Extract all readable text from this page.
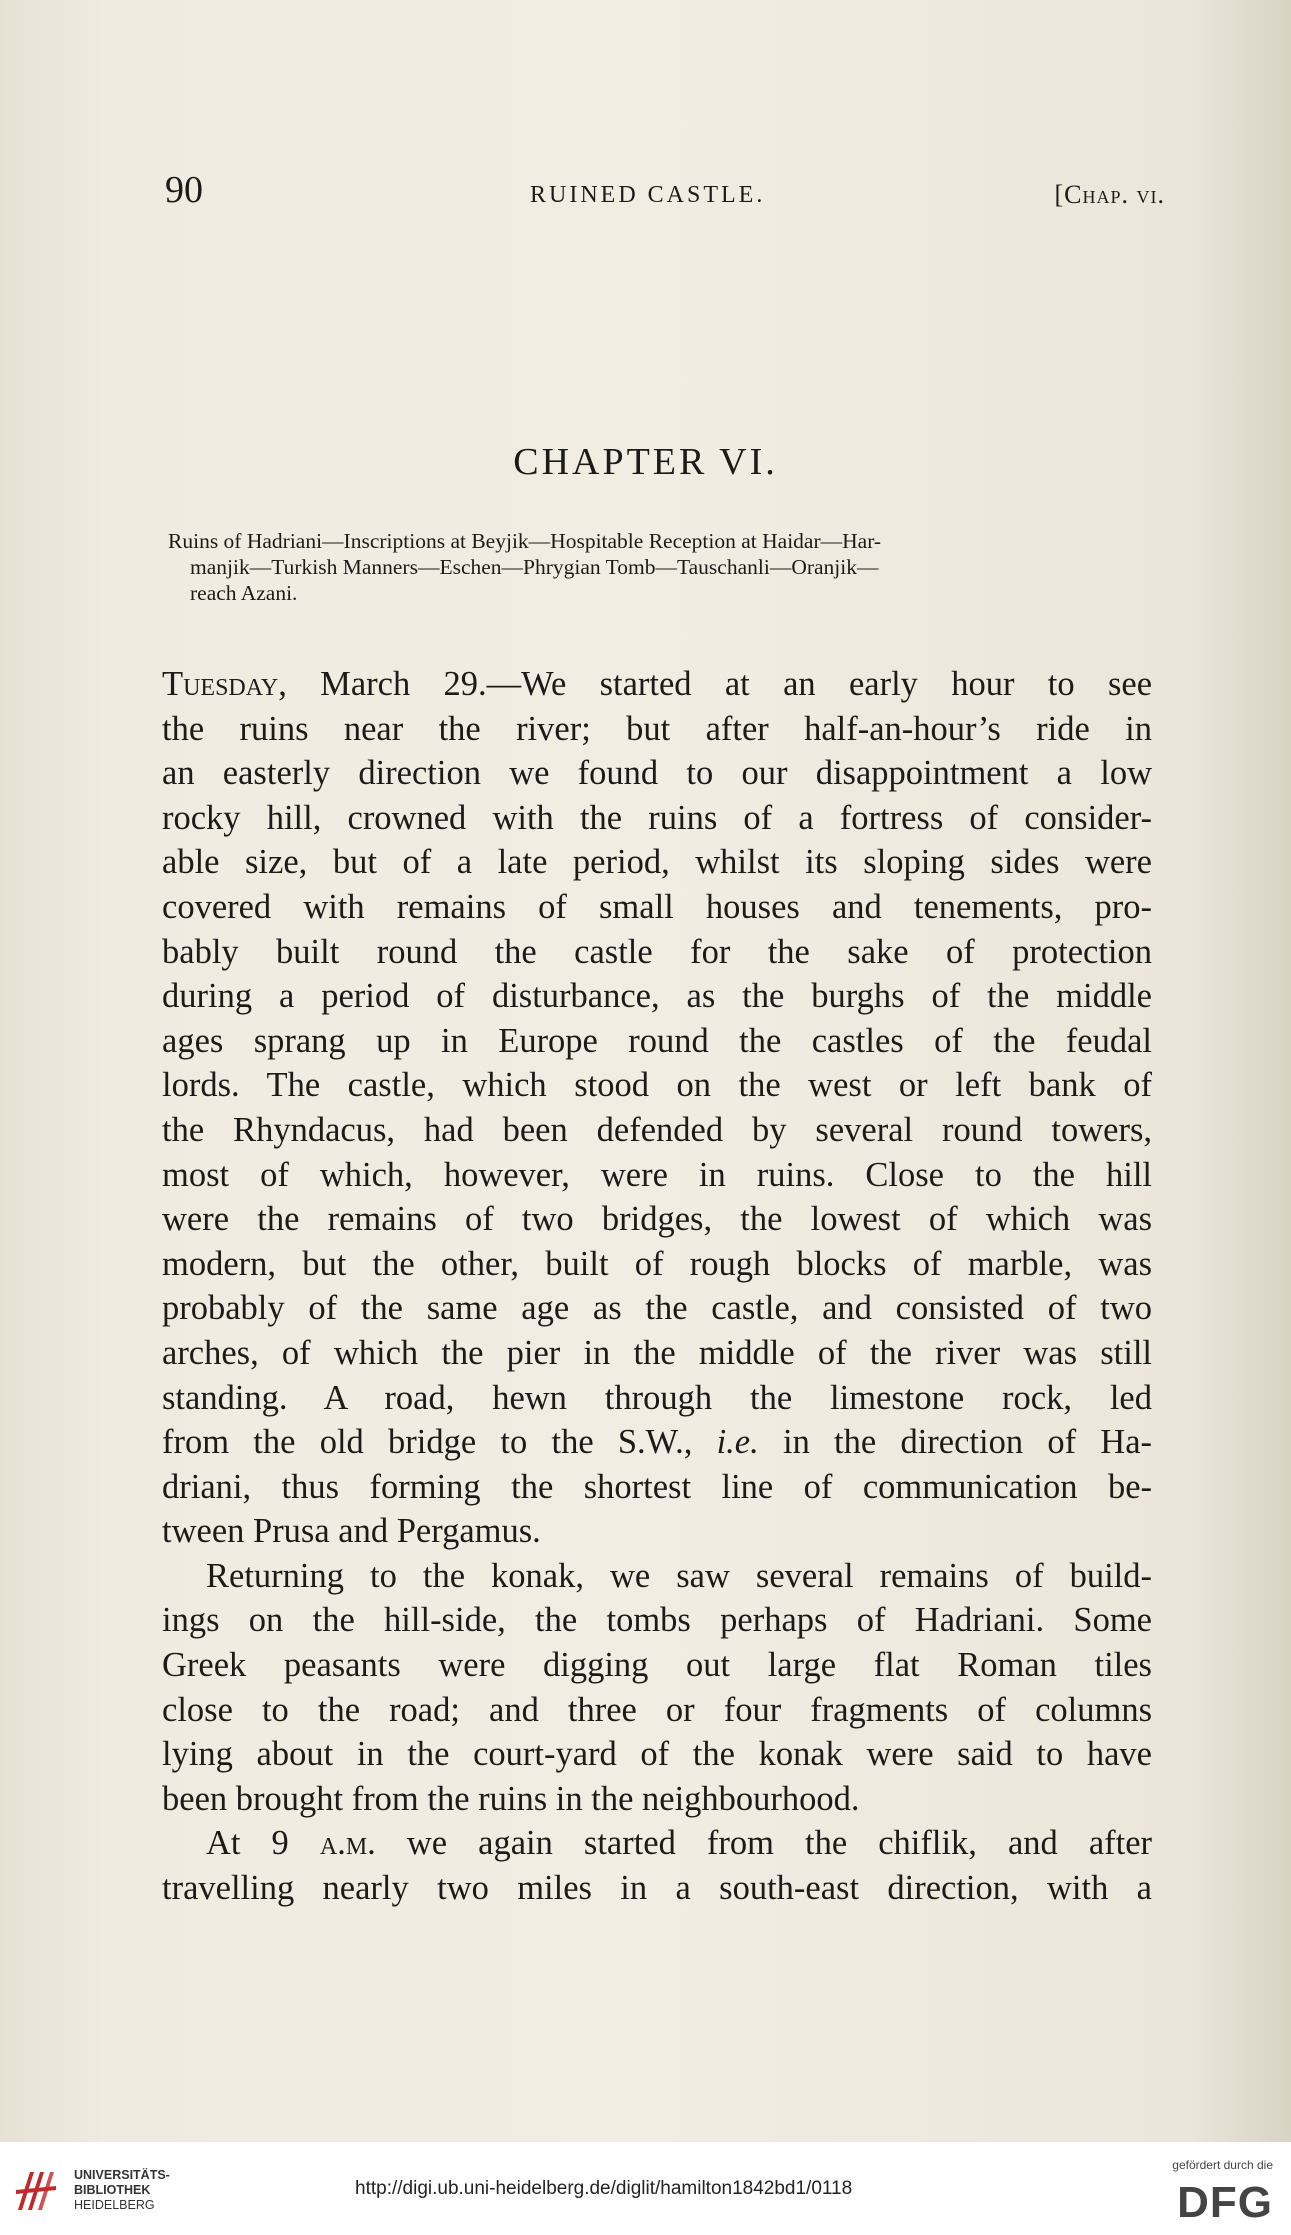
90	RUINED CASTLE.	[Chap. vi.
CHAPTER VI.
Ruins of Hadriani—Inscriptions at Beyjik—Hospitable Reception at Haidar—Har-
manjik—Turkish Manners—Eschen—Phrygian Tomb—Tauschanli—Oranjik—
reach Azani.
Tuesday, March 29.—We started at an early hour to see
the ruins near the river; but after half-an-hour’s ride in
an easterly direction we found to our disappointment a low
rocky hill, crowned with the ruins of a fortress of consider-
able size, but of a late period, whilst its sloping sides were
covered with remains of small houses and tenements, pro-
bably built round the castle for the sake of protection
during a period of disturbance, as the burghs of the middle
ages sprang up in Europe round the castles of the feudal
lords. The castle, which stood on the west or left bank of
the Rhyndacus, had been defended by several round towers,
most of which, however, were in ruins. Close to the hill
were the remains of two bridges, the lowest of which was
modern, but the other, built of rough blocks of marble, was
probably of the same age as the castle, and consisted of two
arches, of which the pier in the middle of the river was still
standing. A road, hewn through the limestone rock, led
from the old bridge to the S.W., i.e. in the direction of Ha-
driani, thus forming the shortest line of communication be-
tween Prusa and Pergamus.
Returning to the konak, we saw several remains of build-
ings on the hill-side, the tombs perhaps of Hadriani. Some
Greek peasants were digging out large flat Roman tiles
close to the road; and three or four fragments of columns
lying about in the court-yard of the konak were said to have
been brought from the ruins in the neighbourhood.
At 9 a.m. we again started from the chiflik, and after
travelling nearly two miles in a south-east direction, with a
UNIVERSITÄTS-
BIBLIOTHEK
HEIDELBERG
http://digi.ub.uni-heidelberg.de/diglit/hamilton1842bd1/0118
gefördert durch die
DFG
